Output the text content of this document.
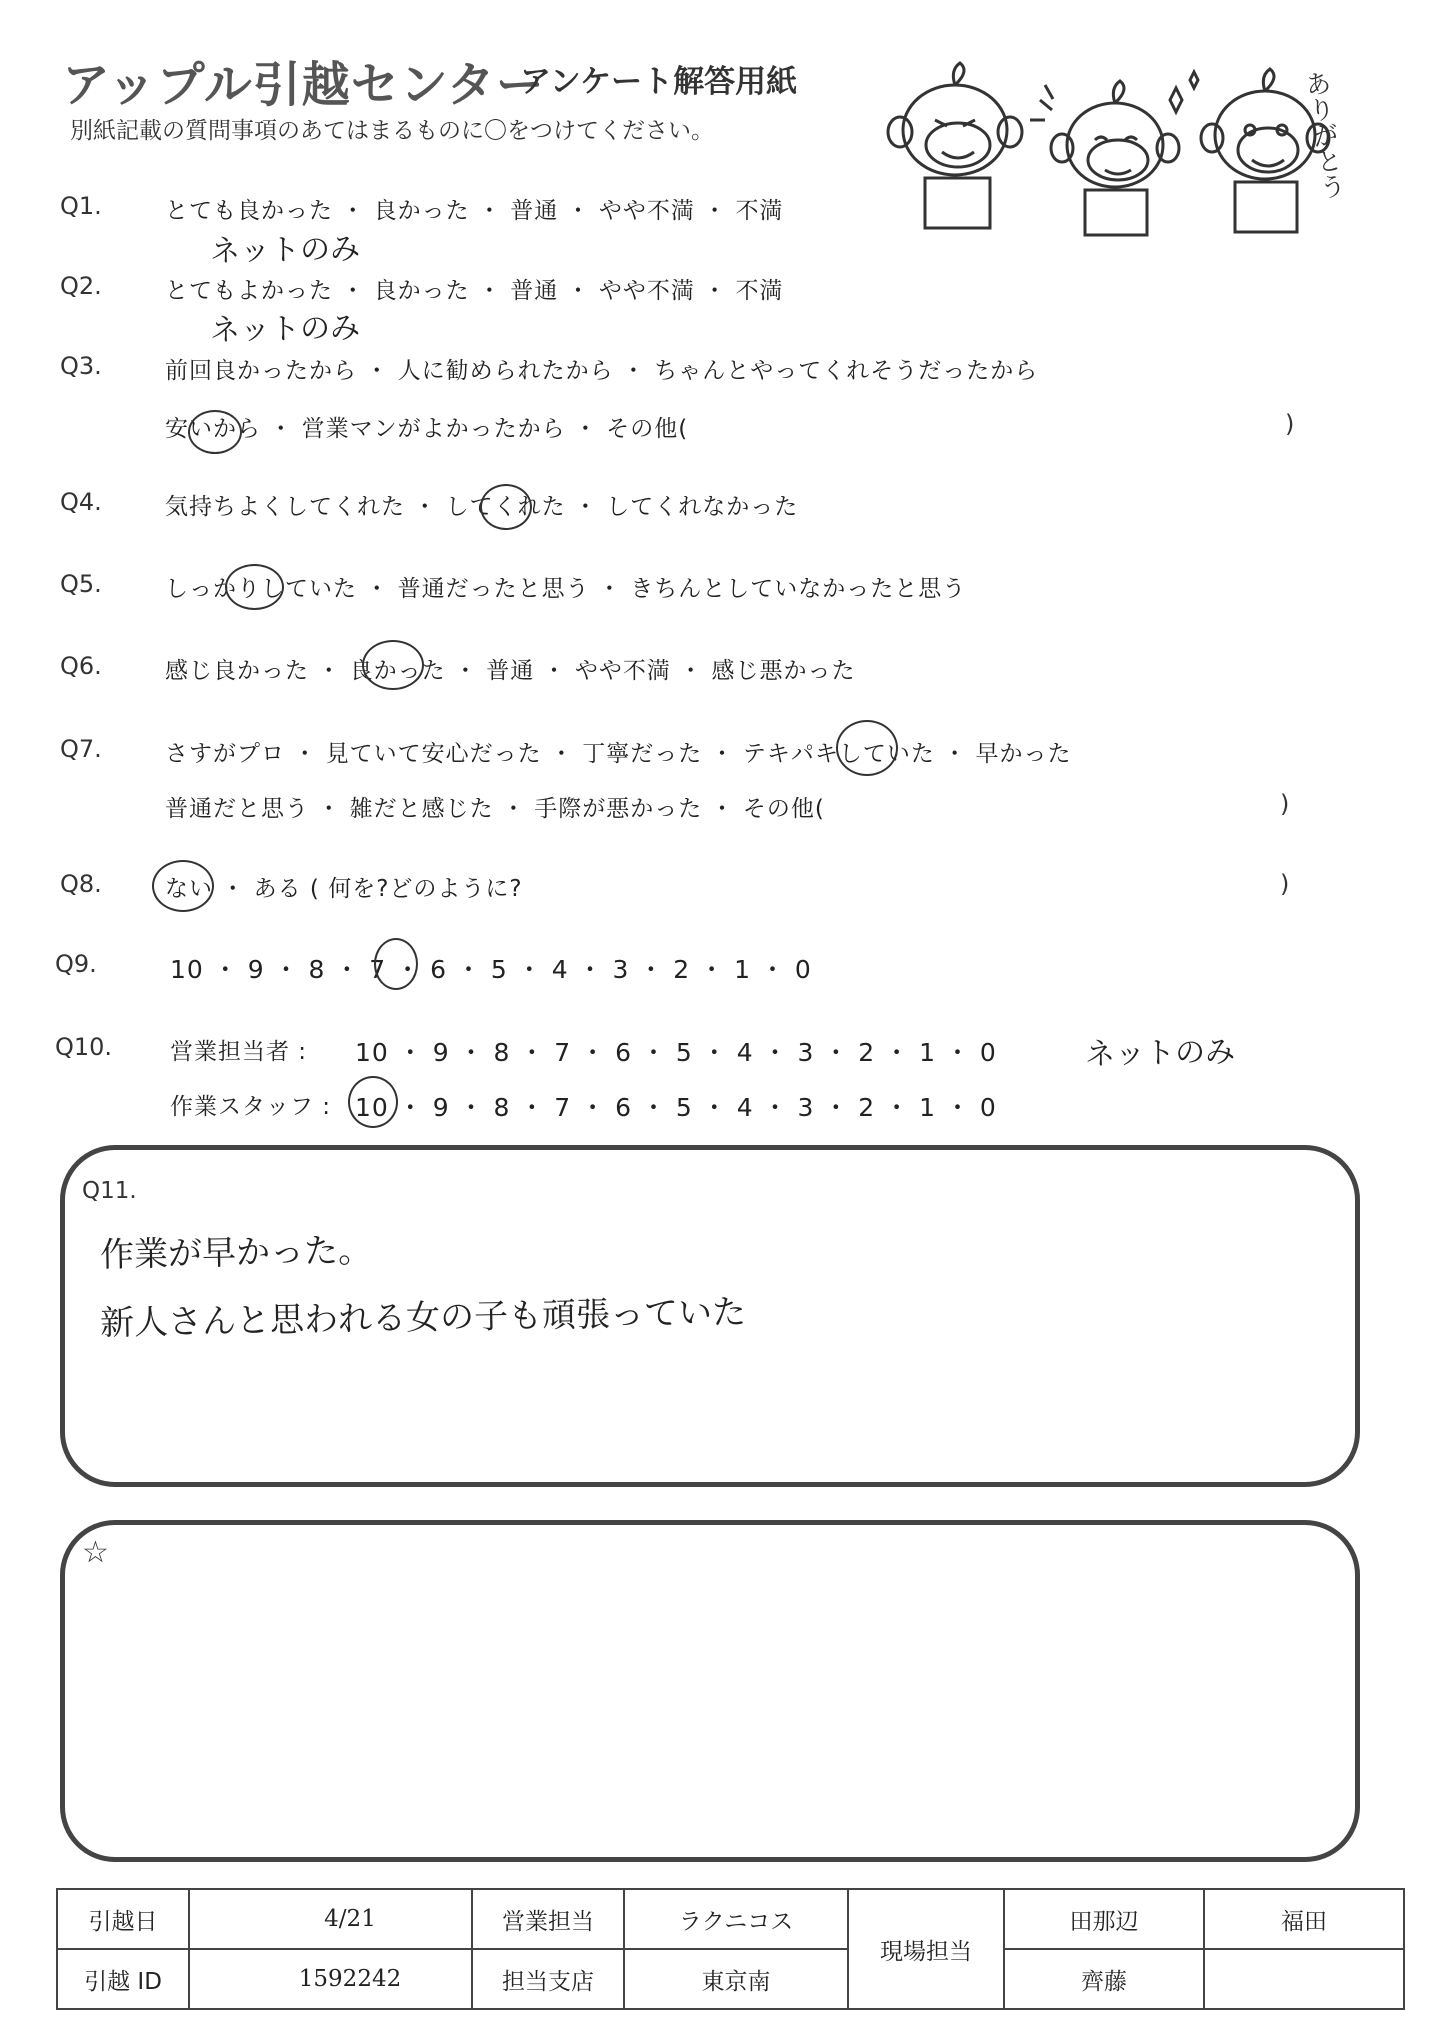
アップル引越センター
アンケート解答用紙
別紙記載の質問事項のあてはまるものに〇をつけてください。	ありがとう
Q1.	とても良かった ・ 良かった ・ 普通 ・ やや不満 ・ 不満
ネットのみ
Q2.	とてもよかった ・ 良かった ・ 普通 ・ やや不満 ・ 不満
ネットのみ
Q3.	前回良かったから ・ 人に勧められたから ・ ちゃんとやってくれそうだったから
安いから ・ 営業マンがよかったから ・ その他(	)
Q4.	気持ちよくしてくれた ・ してくれた ・ してくれなかった
Q5.	しっかりしていた ・ 普通だったと思う ・ きちんとしていなかったと思う
Q6.	感じ良かった ・ 良かった ・ 普通 ・ やや不満 ・ 感じ悪かった
Q7.	さすがプロ ・ 見ていて安心だった ・ 丁寧だった ・ テキパキしていた ・ 早かった
普通だと思う ・ 雑だと感じた ・ 手際が悪かった ・ その他(	)
Q8.	ない ・ ある ( 何を?どのように?	)
Q9.	10 ・ 9 ・ 8 ・ 7 ・ 6 ・ 5 ・ 4 ・ 3 ・ 2 ・ 1 ・ 0
Q10.	営業担当者 : 10 ・ 9 ・ 8 ・ 7 ・ 6 ・ 5 ・ 4 ・ 3 ・ 2 ・ 1 ・ 0	ネットのみ
作業スタッフ : 10 ・ 9 ・ 8 ・ 7 ・ 6 ・ 5 ・ 4 ・ 3 ・ 2 ・ 1 ・ 0
Q11.
作業が早かった。
新人さんと思われる女の子も頑張っていた
☆
引越日	4/21	営業担当	ラクニコス	現場担当	田那辺	福田
引越 ID	1592242	担当支店	東京南		齊藤	
